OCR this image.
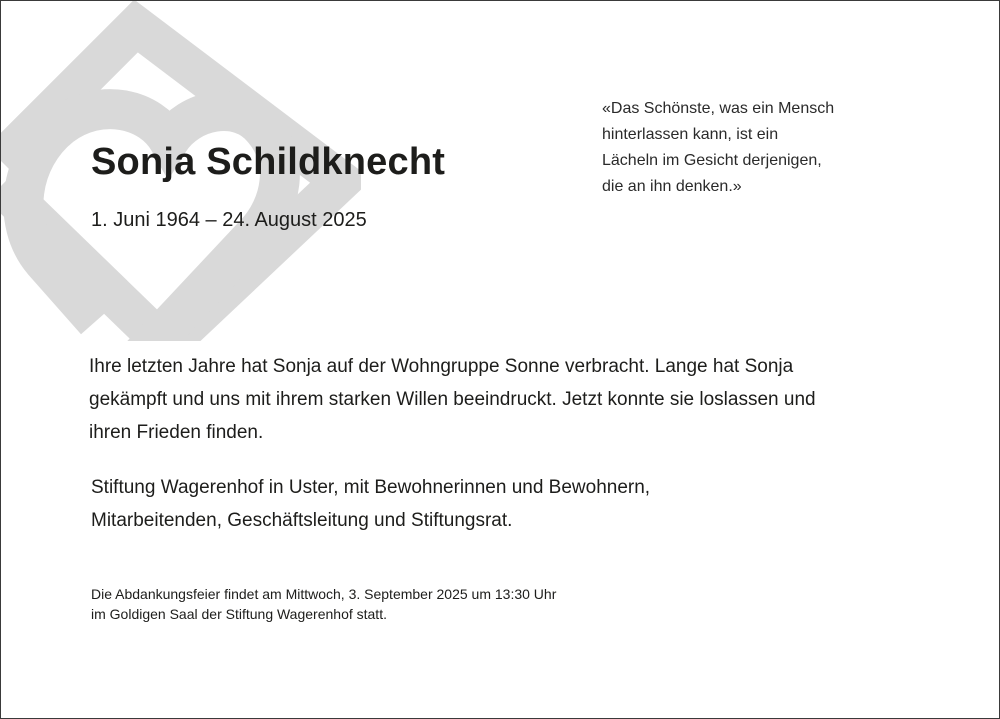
Sonja Schildknecht
1. Juni 1964 – 24. August 2025
«Das Schönste, was ein Mensch
hinterlassen kann, ist ein
Lächeln im Gesicht derjenigen,
die an ihn denken.»
Ihre letzten Jahre hat Sonja auf der Wohngruppe Sonne verbracht. Lange hat Sonja
gekämpft und uns mit ihrem starken Willen beeindruckt. Jetzt konnte sie loslassen und
ihren Frieden finden.
Stiftung Wagerenhof in Uster, mit Bewohnerinnen und Bewohnern,
Mitarbeitenden, Geschäftsleitung und Stiftungsrat.
Die Abdankungsfeier findet am Mittwoch, 3. September 2025 um 13:30 Uhr
im Goldigen Saal der Stiftung Wagerenhof statt.
